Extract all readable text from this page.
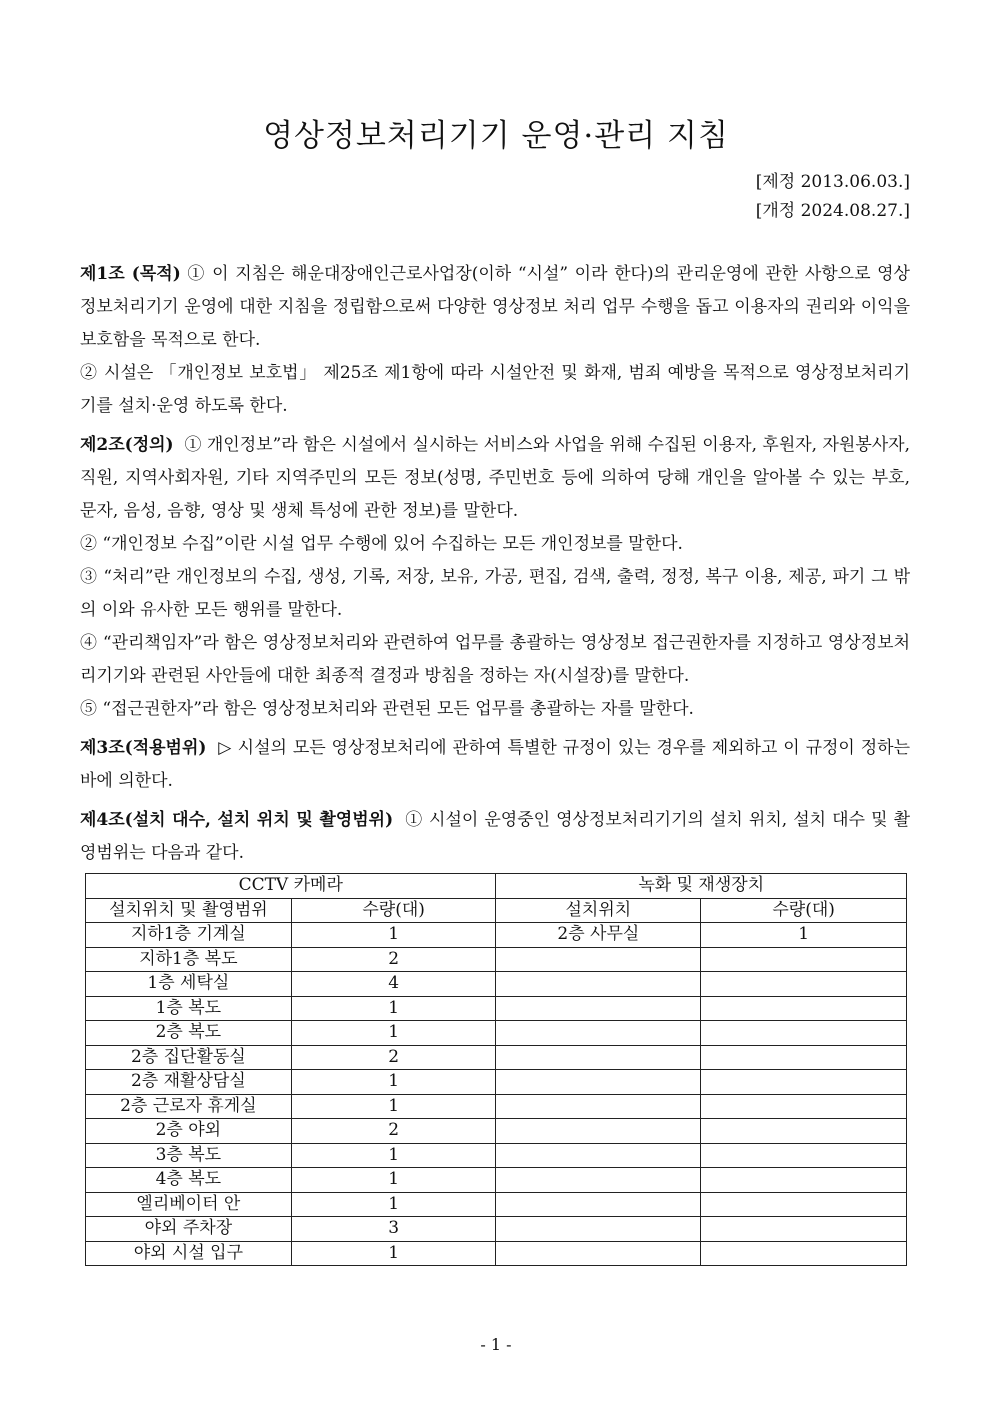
영상정보처리기기 운영·관리 지침
[제정 2013.06.03.]
[개정 2024.08.27.]

제1조 (목적) ① 이 지침은 해운대장애인근로사업장(이하 “시설” 이라 한다)의 관리운영에 관한 사항으로 영상정보처리기기 운영에 대한 지침을 정립함으로써 다양한 영상정보 처리 업무 수행을 돕고 이용자의 권리와 이익을 보호함을 목적으로 한다.

② 시설은 「개인정보 보호법」 제25조 제1항에 따라 시설안전 및 화재, 범죄 예방을 목적으로 영상정보처리기기를 설치·운영 하도록 한다.

제2조(정의) ① 개인정보”라 함은 시설에서 실시하는 서비스와 사업을 위해 수집된 이용자, 후원자, 자원봉사자, 직원, 지역사회자원, 기타 지역주민의 모든 정보(성명, 주민번호 등에 의하여 당해 개인을 알아볼 수 있는 부호, 문자, 음성, 음향, 영상 및 생체 특성에 관한 정보)를 말한다.

② “개인정보 수집”이란 시설 업무 수행에 있어 수집하는 모든 개인정보를 말한다.

③ “처리”란 개인정보의 수집, 생성, 기록, 저장, 보유, 가공, 편집, 검색, 출력, 정정, 복구 이용, 제공, 파기 그 밖의 이와 유사한 모든 행위를 말한다.

④ “관리책임자”라 함은 영상정보처리와 관련하여 업무를 총괄하는 영상정보 접근권한자를 지정하고 영상정보처리기기와 관련된 사안들에 대한 최종적 결정과 방침을 정하는 자(시설장)를 말한다.

⑤ “접근권한자”라 함은 영상정보처리와 관련된 모든 업무를 총괄하는 자를 말한다.

제3조(적용범위) ▷ 시설의 모든 영상정보처리에 관하여 특별한 규정이 있는 경우를 제외하고 이 규정이 정하는 바에 의한다.

제4조(설치 대수, 설치 위치 및 촬영범위) ① 시설이 운영중인 영상정보처리기기의 설치 위치, 설치 대수 및 촬영범위는 다음과 같다.

CCTV 카메라		녹화 및 재생장치	
설치위치 및 촬영범위	수량(대)	설치위치	수량(대)
지하1층 기계실	1	2층 사무실	1
지하1층 복도	2		
1층 세탁실	4		
1층 복도	1		
2층 복도	1		
2층 집단활동실	2		
2층 재활상담실	1		
2층 근로자 휴게실	1		
2층 야외	2		
3층 복도	1		
4층 복도	1		
엘리베이터 안	1		
야외 주차장	3		
야외 시설 입구	1		
- 1 -
